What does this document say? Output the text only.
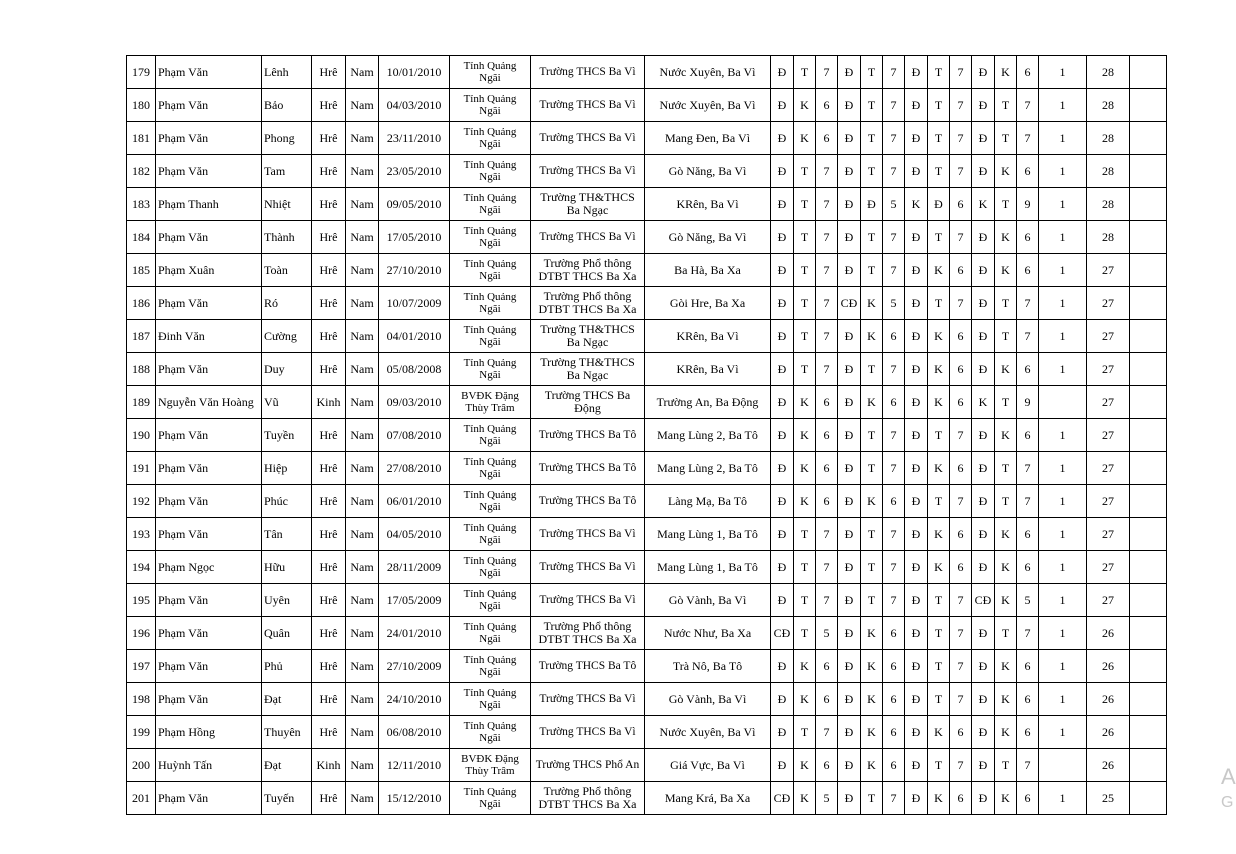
179	Phạm Văn	Lênh	Hrê	Nam	10/01/2010	Tỉnh Quảng Ngãi	Trường THCS Ba Vì	Nước Xuyên, Ba Vì	Đ	T	7	Đ	T	7	Đ	T	7	Đ	K	6	1	28	
180	Phạm Văn	Bảo	Hrê	Nam	04/03/2010	Tỉnh Quảng Ngãi	Trường THCS Ba Vì	Nước Xuyên, Ba Vì	Đ	K	6	Đ	T	7	Đ	T	7	Đ	T	7	1	28	
181	Phạm Văn	Phong	Hrê	Nam	23/11/2010	Tỉnh Quảng Ngãi	Trường THCS Ba Vì	Mang Đen, Ba Vì	Đ	K	6	Đ	T	7	Đ	T	7	Đ	T	7	1	28	
182	Phạm Văn	Tam	Hrê	Nam	23/05/2010	Tỉnh Quảng Ngãi	Trường THCS Ba Vì	Gò Năng, Ba Vì	Đ	T	7	Đ	T	7	Đ	T	7	Đ	K	6	1	28	
183	Phạm Thanh	Nhiệt	Hrê	Nam	09/05/2010	Tỉnh Quảng Ngãi	Trường TH&THCS Ba Ngạc	KRên, Ba Vì	Đ	T	7	Đ	Đ	5	K	Đ	6	K	T	9	1	28	
184	Phạm Văn	Thành	Hrê	Nam	17/05/2010	Tỉnh Quảng Ngãi	Trường THCS Ba Vì	Gò Năng, Ba Vì	Đ	T	7	Đ	T	7	Đ	T	7	Đ	K	6	1	28	
185	Phạm Xuân	Toàn	Hrê	Nam	27/10/2010	Tỉnh Quảng Ngãi	Trường Phổ thông DTBT THCS Ba Xa	Ba Hà, Ba Xa	Đ	T	7	Đ	T	7	Đ	K	6	Đ	K	6	1	27	
186	Phạm Văn	Ró	Hrê	Nam	10/07/2009	Tỉnh Quảng Ngãi	Trường Phổ thông DTBT THCS Ba Xa	Gòi Hre, Ba Xa	Đ	T	7	CĐ	K	5	Đ	T	7	Đ	T	7	1	27	
187	Đinh Văn	Cường	Hrê	Nam	04/01/2010	Tỉnh Quảng Ngãi	Trường TH&THCS Ba Ngạc	KRên, Ba Vì	Đ	T	7	Đ	K	6	Đ	K	6	Đ	T	7	1	27	
188	Phạm Văn	Duy	Hrê	Nam	05/08/2008	Tỉnh Quảng Ngãi	Trường TH&THCS Ba Ngạc	KRên, Ba Vì	Đ	T	7	Đ	T	7	Đ	K	6	Đ	K	6	1	27	
189	Nguyễn Văn Hoàng	Vũ	Kinh	Nam	09/03/2010	BVĐK Đặng Thùy Trâm	Trường THCS Ba Động	Trường An, Ba Động	Đ	K	6	Đ	K	6	Đ	K	6	K	T	9		27	
190	Phạm Văn	Tuyền	Hrê	Nam	07/08/2010	Tỉnh Quảng Ngãi	Trường THCS Ba Tô	Mang Lùng 2, Ba Tô	Đ	K	6	Đ	T	7	Đ	T	7	Đ	K	6	1	27	
191	Phạm Văn	Hiệp	Hrê	Nam	27/08/2010	Tỉnh Quảng Ngãi	Trường THCS Ba Tô	Mang Lùng 2, Ba Tô	Đ	K	6	Đ	T	7	Đ	K	6	Đ	T	7	1	27	
192	Phạm Văn	Phúc	Hrê	Nam	06/01/2010	Tỉnh Quảng Ngãi	Trường THCS Ba Tô	Làng Mạ, Ba Tô	Đ	K	6	Đ	K	6	Đ	T	7	Đ	T	7	1	27	
193	Phạm Văn	Tân	Hrê	Nam	04/05/2010	Tỉnh Quảng Ngãi	Trường THCS Ba Vì	Mang Lùng 1, Ba Tô	Đ	T	7	Đ	T	7	Đ	K	6	Đ	K	6	1	27	
194	Phạm Ngọc	Hữu	Hrê	Nam	28/11/2009	Tỉnh Quảng Ngãi	Trường THCS Ba Vì	Mang Lùng 1, Ba Tô	Đ	T	7	Đ	T	7	Đ	K	6	Đ	K	6	1	27	
195	Phạm Văn	Uyên	Hrê	Nam	17/05/2009	Tỉnh Quảng Ngãi	Trường THCS Ba Vì	Gò Vành, Ba Vì	Đ	T	7	Đ	T	7	Đ	T	7	CĐ	K	5	1	27	
196	Phạm Văn	Quân	Hrê	Nam	24/01/2010	Tỉnh Quảng Ngãi	Trường Phổ thông DTBT THCS Ba Xa	Nước Như, Ba Xa	CĐ	T	5	Đ	K	6	Đ	T	7	Đ	T	7	1	26	
197	Phạm Văn	Phủ	Hrê	Nam	27/10/2009	Tỉnh Quảng Ngãi	Trường THCS Ba Tô	Trà Nô, Ba Tô	Đ	K	6	Đ	K	6	Đ	T	7	Đ	K	6	1	26	
198	Phạm Văn	Đạt	Hrê	Nam	24/10/2010	Tỉnh Quảng Ngãi	Trường THCS Ba Vì	Gò Vành, Ba Vì	Đ	K	6	Đ	K	6	Đ	T	7	Đ	K	6	1	26	
199	Phạm Hồng	Thuyên	Hrê	Nam	06/08/2010	Tỉnh Quảng Ngãi	Trường THCS Ba Vì	Nước Xuyên, Ba Vì	Đ	T	7	Đ	K	6	Đ	K	6	Đ	K	6	1	26	
200	Huỳnh Tấn	Đạt	Kinh	Nam	12/11/2010	BVĐK Đặng Thùy Trâm	Trường THCS Phổ An	Giá Vực, Ba Vì	Đ	K	6	Đ	K	6	Đ	T	7	Đ	T	7		26	
201	Phạm Văn	Tuyến	Hrê	Nam	15/12/2010	Tỉnh Quảng Ngãi	Trường Phổ thông DTBT THCS Ba Xa	Mang Krá, Ba Xa	CĐ	K	5	Đ	T	7	Đ	K	6	Đ	K	6	1	25	
A
G
